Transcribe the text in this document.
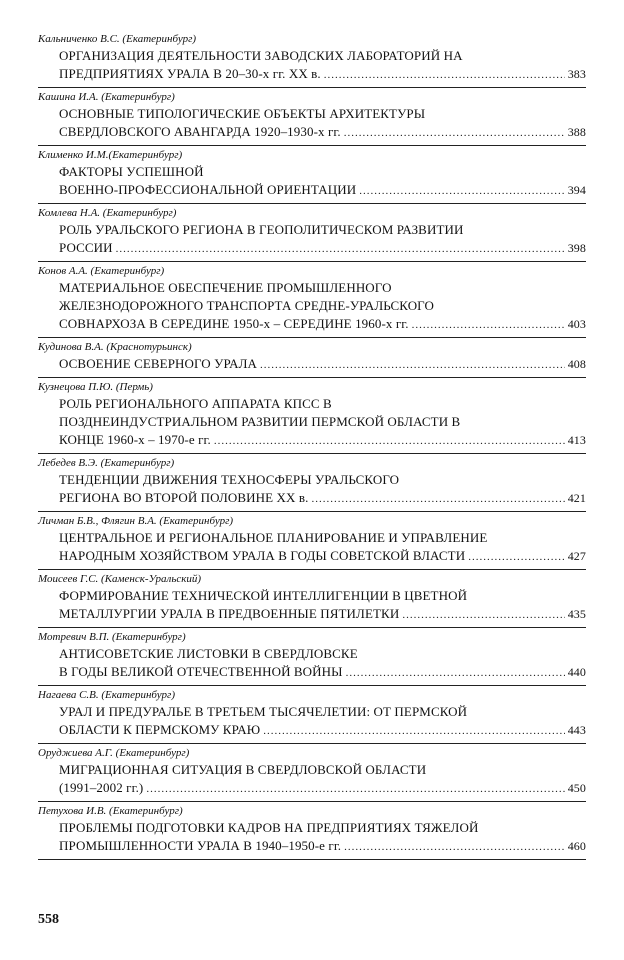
Кальниченко В.С. (Екатеринбург)
ОРГАНИЗАЦИЯ ДЕЯТЕЛЬНОСТИ ЗАВОДСКИХ ЛАБОРАТОРИЙ НА
ПРЕДПРИЯТИЯХ УРАЛА В 20–30-х гг. XX в. .....	383
Кашина И.А. (Екатеринбург)
ОСНОВНЫЕ ТИПОЛОГИЧЕСКИЕ ОБЪЕКТЫ АРХИТЕКТУРЫ
СВЕРДЛОВСКОГО АВАНГАРДА 1920–1930-х гг. .....	388
Клименко И.М.(Екатеринбург)
ФАКТОРЫ УСПЕШНОЙ
ВОЕННО-ПРОФЕССИОНАЛЬНОЙ ОРИЕНТАЦИИ .....	394
Комлева Н.А. (Екатеринбург)
РОЛЬ УРАЛЬСКОГО РЕГИОНА В ГЕОПОЛИТИЧЕСКОМ РАЗВИТИИ
РОССИИ .....	398
Конов А.А. (Екатеринбург)
МАТЕРИАЛЬНОЕ ОБЕСПЕЧЕНИЕ ПРОМЫШЛЕННОГО
ЖЕЛЕЗНОДОРОЖНОГО ТРАНСПОРТА СРЕДНЕ-УРАЛЬСКОГО
СОВНАРХОЗА В СЕРЕДИНЕ 1950-х – СЕРЕДИНЕ 1960-х гг. .....	403
Кудинова В.А. (Краснотурьинск)
ОСВОЕНИЕ СЕВЕРНОГО УРАЛА .....	408
Кузнецова П.Ю. (Пермь)
РОЛЬ РЕГИОНАЛЬНОГО АППАРАТА КПСС В
ПОЗДНЕИНДУСТРИАЛЬНОМ РАЗВИТИИ ПЕРМСКОЙ ОБЛАСТИ В
КОНЦЕ 1960-х – 1970-е гг. .....	413
Лебедев В.Э. (Екатеринбург)
ТЕНДЕНЦИИ ДВИЖЕНИЯ ТЕХНОСФЕРЫ УРАЛЬСКОГО
РЕГИОНА ВО ВТОРОЙ ПОЛОВИНЕ XX в. .....	421
Личман Б.В., Флягин В.А. (Екатеринбург)
ЦЕНТРАЛЬНОЕ И РЕГИОНАЛЬНОЕ ПЛАНИРОВАНИЕ И УПРАВЛЕНИЕ
НАРОДНЫМ ХОЗЯЙСТВОМ УРАЛА В ГОДЫ СОВЕТСКОЙ ВЛАСТИ .....	427
Моисеев Г.С. (Каменск-Уральский)
ФОРМИРОВАНИЕ ТЕХНИЧЕСКОЙ ИНТЕЛЛИГЕНЦИИ В ЦВЕТНОЙ
МЕТАЛЛУРГИИ УРАЛА В ПРЕДВОЕННЫЕ ПЯТИЛЕТКИ .....	435
Мотревич В.П. (Екатеринбург)
АНТИСОВЕТСКИЕ ЛИСТОВКИ В СВЕРДЛОВСКЕ
В ГОДЫ ВЕЛИКОЙ ОТЕЧЕСТВЕННОЙ ВОЙНЫ .....	440
Нагаева С.В. (Екатеринбург)
УРАЛ И ПРЕДУРАЛЬЕ В ТРЕТЬЕМ ТЫСЯЧЕЛЕТИИ: ОТ ПЕРМСКОЙ
ОБЛАСТИ К ПЕРМСКОМУ КРАЮ .....	443
Оруджиева А.Г. (Екатеринбург)
МИГРАЦИОННАЯ СИТУАЦИЯ В СВЕРДЛОВСКОЙ ОБЛАСТИ
(1991–2002 гг.) .....	450
Петухова И.В. (Екатеринбург)
ПРОБЛЕМЫ ПОДГОТОВКИ КАДРОВ НА ПРЕДПРИЯТИЯХ ТЯЖЕЛОЙ
ПРОМЫШЛЕННОСТИ УРАЛА В 1940–1950-е гг. .....	460
558
